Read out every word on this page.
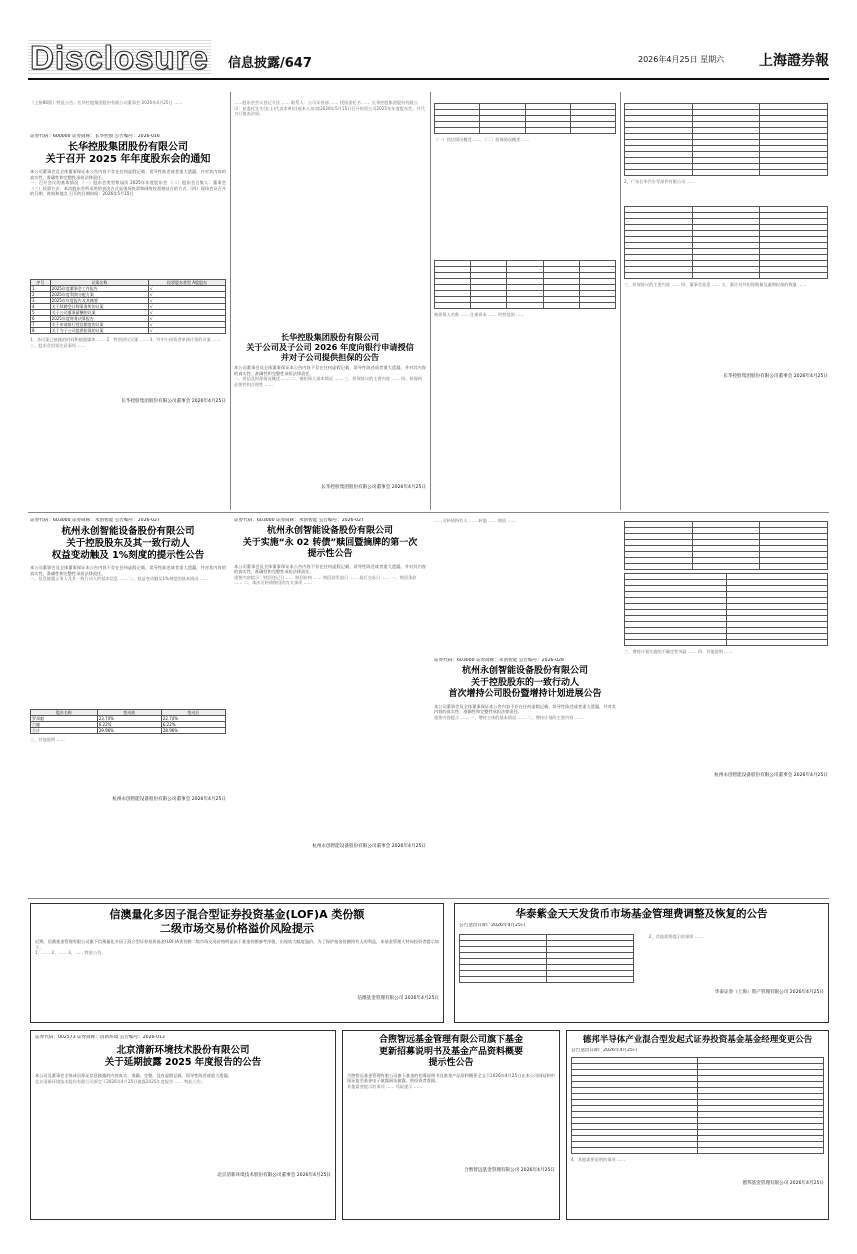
Disclosure 信息披露/647	2026年4月25日 星期六 上海證券報
（上接B6版）特此公告。长华控股集团股份有限公司董事会 2026年4月25日 ……
证券代码：600000 证券简称：长华控股 公告编号：2026-016
长华控股集团股份有限公司
关于召开 2025 年年度股东会的通知
本公司董事会及全体董事保证本公告内容不存在任何虚假记载、误导性陈述或者重大遗漏，并对其内容的真实性、准确性和完整性承担法律责任。
一、召开会议的基本情况 （一）股东会类型和届次 2025年年度股东会 （二）股东会召集人：董事会 （三）投票方式：本次股东会所采用的表决方式是现场投票和网络投票相结合的方式 （四）现场会议召开的日期、时间和地点 召开的日期时间：2026年5月15日
序号	议案名称	投票股东类型 A股股东
1	2025年度董事会工作报告	√
2	2025年度利润分配方案	√
3	2025年年度报告及其摘要	√
4	关于续聘会计师事务所的议案	√
5	关于公司董事薪酬的议案	√
6	2025年度财务决算报告	√
7	关于申请银行授信额度的议案	√
8	关于为子公司提供担保的议案	√
1、各议案已披露的时间和披露媒体 …… 2、特别决议议案 …… 3、对中小投资者单独计票的议案 …… 三、股东会投票注意事项 ……
长华控股集团股份有限公司董事会 2026年4月25日
……股东会会议登记方法 …… 联系人：公司证券部 …… 授权委托书 …… 长华控股集团股份有限公司：兹委托先生(女士)代表本单位(或本人)出席2026年5月15日召开的贵公司2025年年度股东会，并代为行使表决权。
长华控股集团股份有限公司
关于公司及子公司 2026 年度向银行申请授信
并对子公司提供担保的公告
本公司董事会及全体董事保证本公告内容不存在任何虚假记载、误导性陈述或者重大遗漏，并对其内容的真实性、准确性和完整性承担法律责任。
一、授信及担保情况概述 …… 二、被担保人基本情况 …… 三、担保协议的主要内容 …… 四、担保的必要性和合理性 ……
长华控股集团股份有限公司董事会 2026年4月25日

（一）授信情况概述 …… （二）担保情况概述 ……

被担保人名称 …… 注册资本 …… 经营范围 ……

2、广东长华汽车零部件有限公司 ……

三、担保协议的主要内容 …… 四、董事会意见 …… 五、累计对外担保数量及逾期担保的数量 ……
长华控股集团股份有限公司董事会 2026年4月25日
证券代码：603000 证券简称：永创智能 公告编号：2026-027
杭州永创智能设备股份有限公司
关于控股股东及其一致行动人
权益变动触及 1%刻度的提示性公告
本公司董事会及全体董事保证本公告内容不存在任何虚假记载、误导性陈述或者重大遗漏，并对其内容的真实性、准确性和完整性承担法律责任。
一、信息披露义务人及其一致行动人的基本信息 …… 二、权益变动触及1%刻度的基本情况 ……
股东名称	变动前	变动后
罗邦毅	23.74%	22.74%
吕婕	6.22%	6.22%
合计	29.96%	28.96%
三、其他说明 ……
杭州永创智能设备股份有限公司董事会 2026年4月25日
证券代码：603000 证券简称：永创智能 公告编号：2026-027
杭州永创智能设备股份有限公司
关于实施“永 02 转债”赎回暨摘牌的第一次
提示性公告
本公司董事会及全体董事保证本公告内容不存在任何虚假记载、误导性陈述或者重大遗漏，并对其内容的真实性、准确性和完整性承担法律责任。
重要内容提示：赎回登记日 …… 赎回价格 …… 赎回款发放日 …… 最后交易日 …… 一、赎回条款 …… 二、本次可转债赎回的有关事项 ……
杭州永创智能设备股份有限公司董事会 2026年4月25日
……可转债持有人 …… 转股 …… 赎回 ……
证券代码：603000 证券简称：永创智能 公告编号：2026-029
杭州永创智能设备股份有限公司
关于控股股东的一致行动人
首次增持公司股份暨增持计划进展公告
本公司董事会及全体董事保证本公告内容不存在任何虚假记载、误导性陈述或者重大遗漏，并对其内容的真实性、准确性和完整性承担法律责任。
重要内容提示 …… 一、增持主体的基本情况 …… 二、增持计划的主要内容 ……

三、增持计划实施的不确定性风险 …… 四、其他说明 ……
杭州永创智能设备股份有限公司董事会 2026年4月25日
信澳量化多因子混合型证券投资基金(LOF)A 类份额
二级市场交易价格溢价风险提示
近期，信澳基金管理有限公司旗下信澳量化多因子混合型证券投资基金(LOF)A类份额二级市场交易价格明显高于基金份额参考净值，出现较大幅度溢价。为了保护基金份额持有人的利益，本基金管理人特向投资者提示如下。
1、…… 2、…… 3、…… 特此公告。
信澳基金管理有限公司 2026年4月25日
华泰紫金天天发货币市场基金管理费调整及恢复的公告
公告送出日期：2026年4月25日

2、其他需要提示的事项 ……
华泰证券（上海）资产管理有限公司 2026年4月25日
证券代码：002573 证券简称：清新环境 公告编号：2026-013
北京清新环境技术股份有限公司
关于延期披露 2025 年度报告的公告
本公司及董事会全体成员保证信息披露的内容真实、准确、完整，没有虚假记载、误导性陈述或重大遗漏。
北京清新环境技术股份有限公司原定于2026年4月25日披露2025年度报告 …… 特此公告。
北京清新环境技术股份有限公司董事会 2026年4月25日
合煦智远基金管理有限公司旗下基金
更新招募说明书及基金产品资料概要
提示性公告
合煦智远基金管理有限公司旗下基金的招募说明书及基金产品资料概要全文于2026年4月25日在本公司网站和中国证监会基金电子披露网站披露，供投资者查阅。
其他需要提示的事项 …… 风险提示 ……
合煦智远基金管理有限公司 2026年4月25日
德邦半导体产业混合型发起式证券投资基金基金经理变更公告
公告送出日期：2026年4月25日

4、其他需要说明的事项 ……
德邦基金管理有限公司 2026年4月25日
